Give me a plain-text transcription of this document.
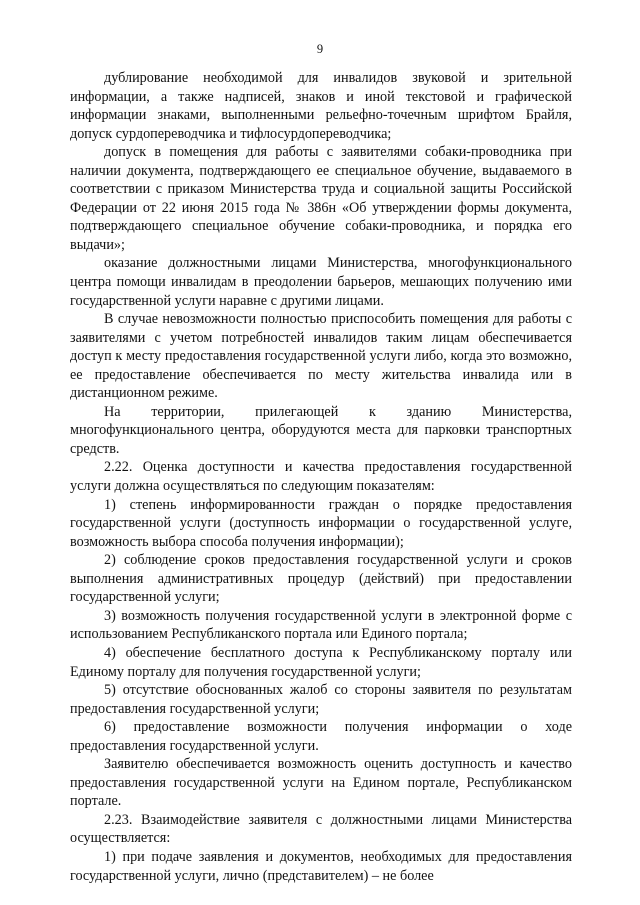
9

дублирование необходимой для инвалидов звуковой и зрительной информации, а также надписей, знаков и иной текстовой и графической информации знаками, выполненными рельефно-точечным шрифтом Брайля, допуск сурдопереводчика и тифлосурдопереводчика;

допуск в помещения для работы с заявителями собаки-проводника при наличии документа, подтверждающего ее специальное обучение, выдаваемого в соответствии с приказом Министерства труда и социальной защиты Российской Федерации от 22 июня 2015 года № 386н «Об утверждении формы документа, подтверждающего специальное обучение собаки-проводника, и порядка его выдачи»;

оказание должностными лицами Министерства, многофункционального центра помощи инвалидам в преодолении барьеров, мешающих получению ими государственной услуги наравне с другими лицами.

В случае невозможности полностью приспособить помещения для работы с заявителями с учетом потребностей инвалидов таким лицам обеспечивается доступ к месту предоставления государственной услуги либо, когда это возможно, ее предоставление обеспечивается по месту жительства инвалида или в дистанционном режиме.

На территории, прилегающей к зданию Министерства, многофункционального центра, оборудуются места для парковки транспортных средств.

2.22. Оценка доступности и качества предоставления государственной услуги должна осуществляться по следующим показателям:

1) степень информированности граждан о порядке предоставления государственной услуги (доступность информации о государственной услуге, возможность выбора способа получения информации);

2) соблюдение сроков предоставления государственной услуги и сроков выполнения административных процедур (действий) при предоставлении государственной услуги;

3) возможность получения государственной услуги в электронной форме с использованием Республиканского портала или Единого портала;

4) обеспечение бесплатного доступа к Республиканскому порталу или Единому порталу для получения государственной услуги;

5) отсутствие обоснованных жалоб со стороны заявителя по результатам предоставления государственной услуги;

6) предоставление возможности получения информации о ходе предоставления государственной услуги.

Заявителю обеспечивается возможность оценить доступность и качество предоставления государственной услуги на Едином портале, Республиканском портале.

2.23. Взаимодействие заявителя с должностными лицами Министерства осуществляется:

1) при подаче заявления и документов, необходимых для предоставления государственной услуги, лично (представителем) – не более
